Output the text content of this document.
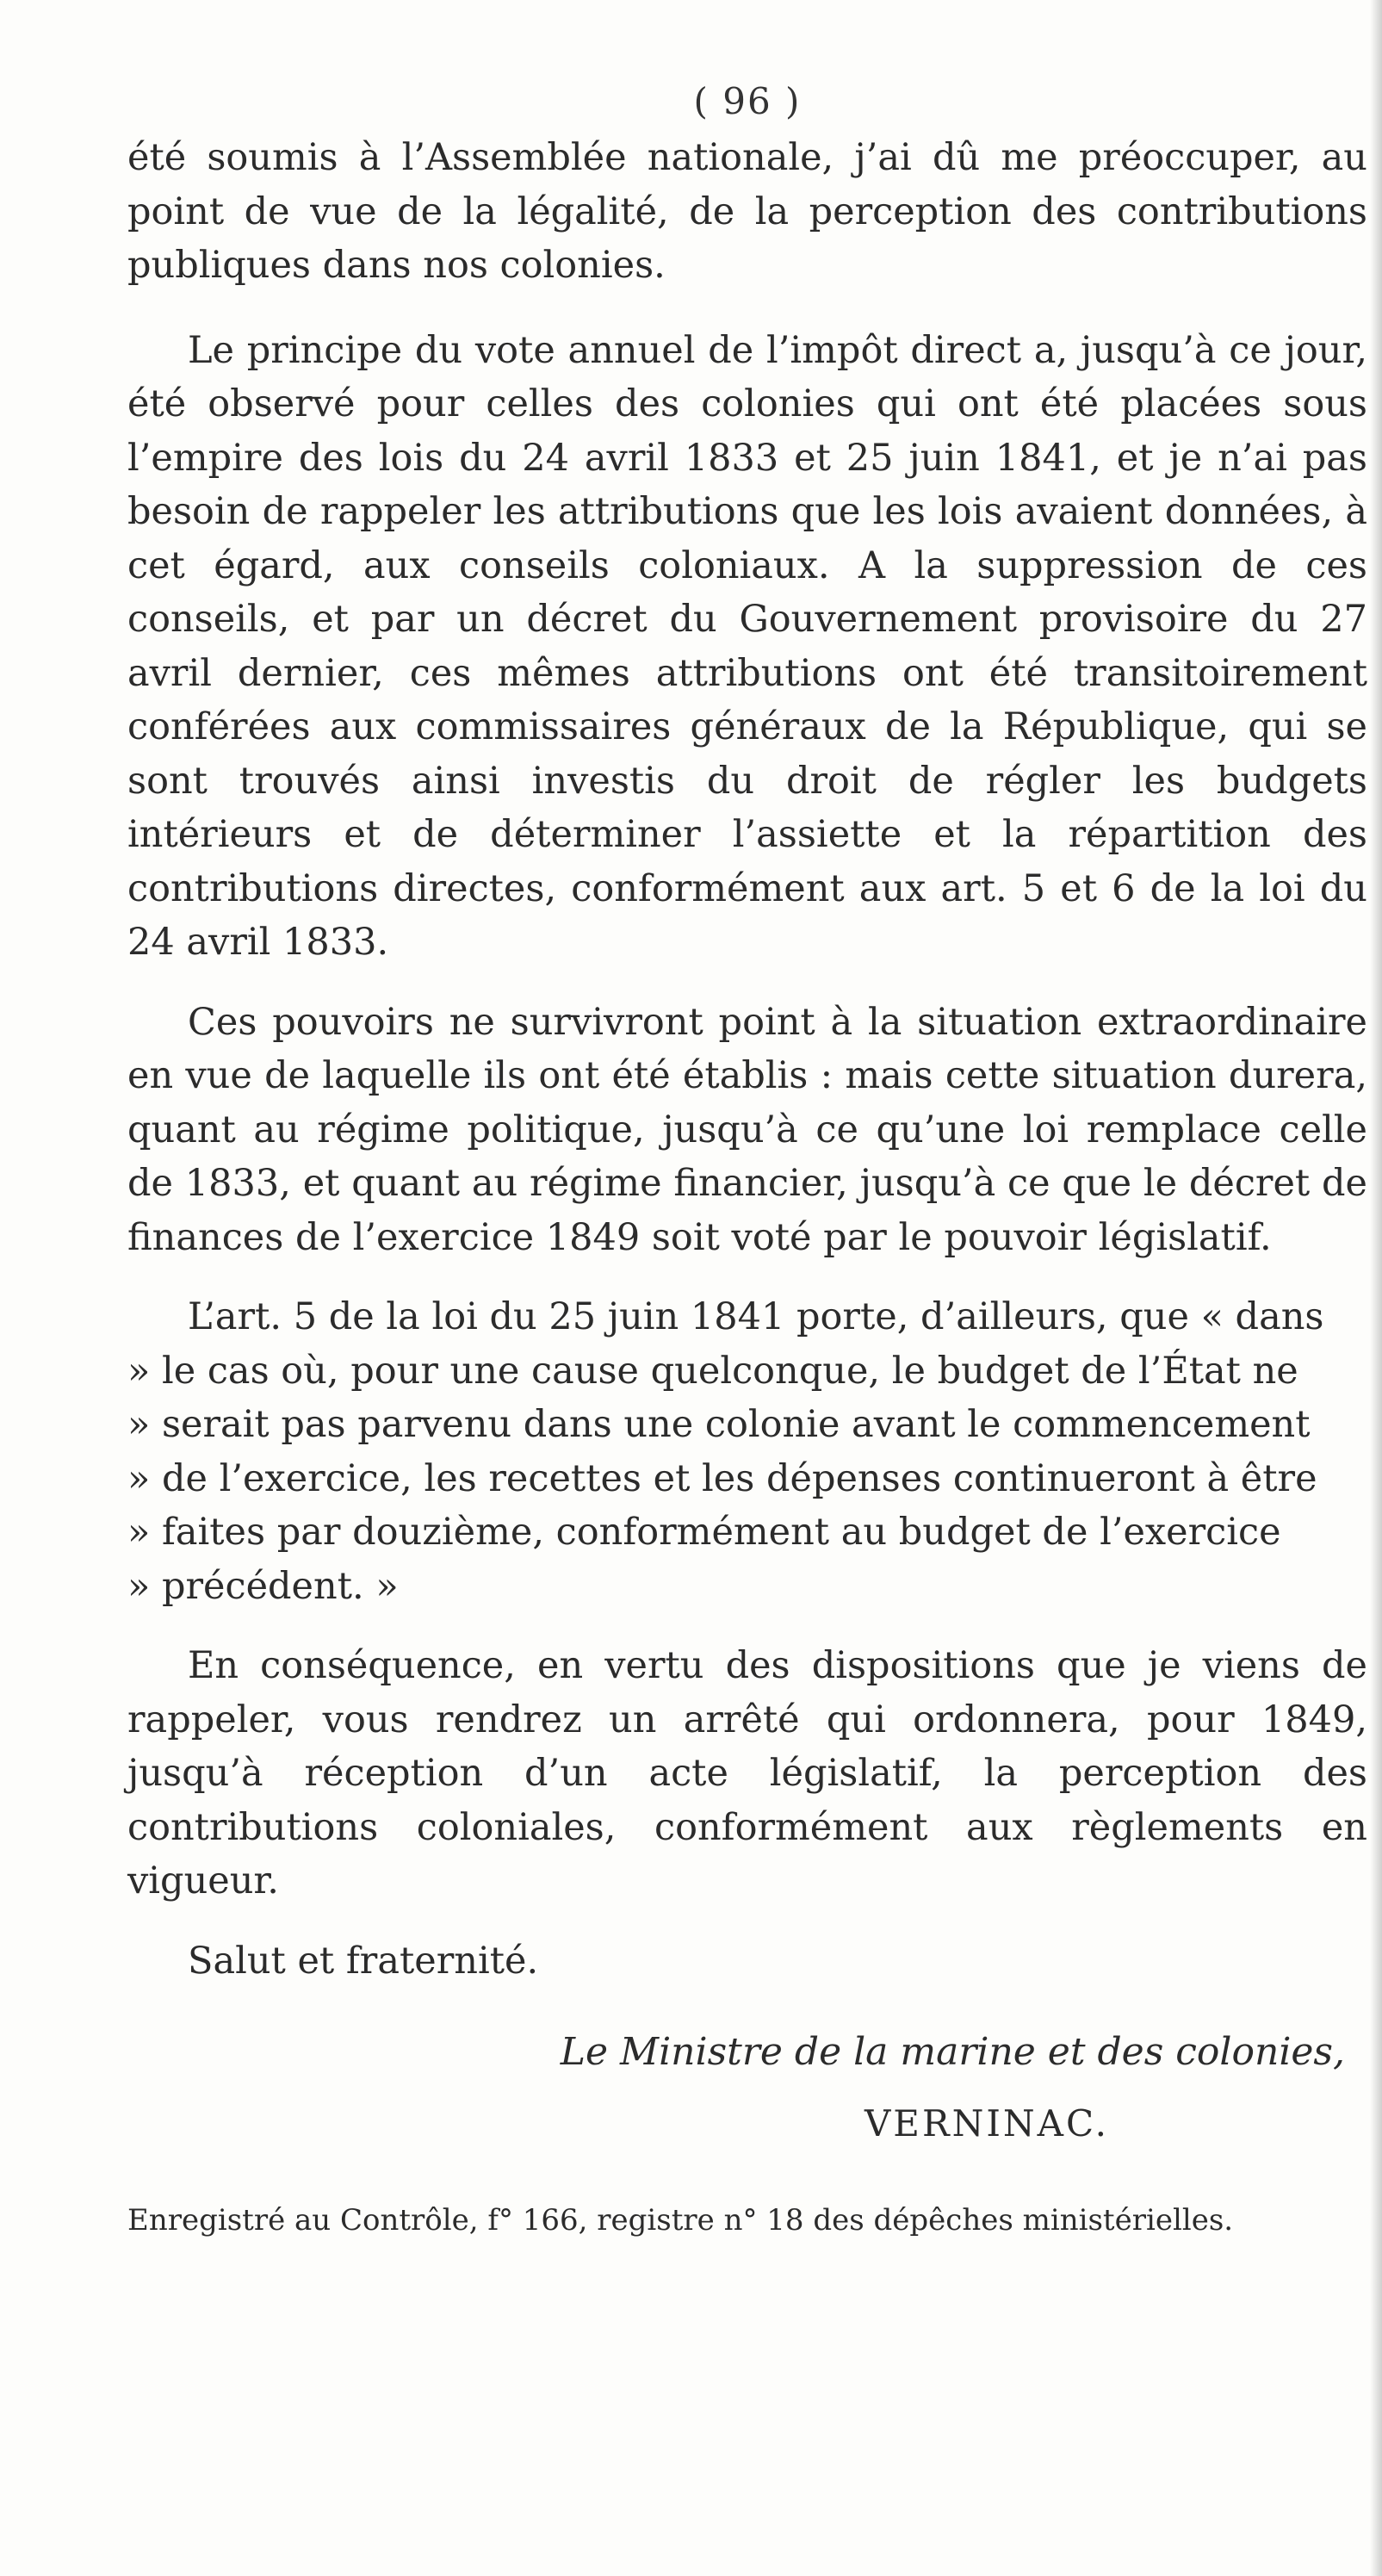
( 96 )

été soumis à l’Assemblée nationale, j’ai dû me préoccuper, au point de vue de la légalité, de la perception des contributions publiques dans nos colonies.

Le principe du vote annuel de l’impôt direct a, jusqu’à ce jour, été observé pour celles des colonies qui ont été placées sous l’empire des lois du 24 avril 1833 et 25 juin 1841, et je n’ai pas besoin de rappeler les attributions que les lois avaient données, à cet égard, aux conseils coloniaux. A la suppression de ces conseils, et par un décret du Gouvernement provisoire du 27 avril dernier, ces mêmes attributions ont été transitoirement conférées aux commissaires généraux de la République, qui se sont trouvés ainsi investis du droit de régler les budgets intérieurs et de déterminer l’assiette et la répartition des contributions directes, conformément aux art. 5 et 6 de la loi du 24 avril 1833.

Ces pouvoirs ne survivront point à la situation extraordinaire en vue de laquelle ils ont été établis : mais cette situation durera, quant au régime politique, jusqu’à ce qu’une loi remplace celle de 1833, et quant au régime financier, jusqu’à ce que le décret de finances de l’exercice 1849 soit voté par le pouvoir législatif.

L’art. 5 de la loi du 25 juin 1841 porte, d’ailleurs, que « dans
» le cas où, pour une cause quelconque, le budget de l’État ne
» serait pas parvenu dans une colonie avant le commencement
» de l’exercice, les recettes et les dépenses continueront à être
» faites par douzième, conformément au budget de l’exercice
» précédent. »

En conséquence, en vertu des dispositions que je viens de rappeler, vous rendrez un arrêté qui ordonnera, pour 1849, jusqu’à réception d’un acte législatif, la perception des contributions coloniales, conformément aux règlements en vigueur.

Salut et fraternité.

Le Ministre de la marine et des colonies,

VERNINAC.

Enregistré au Contrôle, f° 166, registre n° 18 des dépêches ministérielles.
